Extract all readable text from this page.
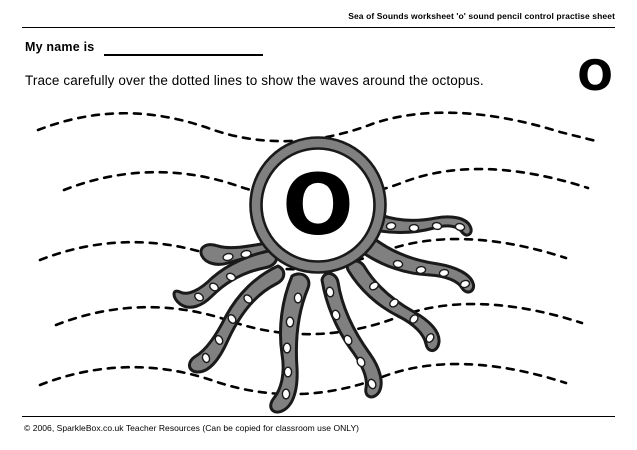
Sea of Sounds worksheet 'o' sound pencil control practise sheet
My name is
Trace carefully over the dotted lines to show the waves around the octopus. O
O
© 2006, SparkleBox.co.uk Teacher Resources (Can be copied for classroom use ONLY)
